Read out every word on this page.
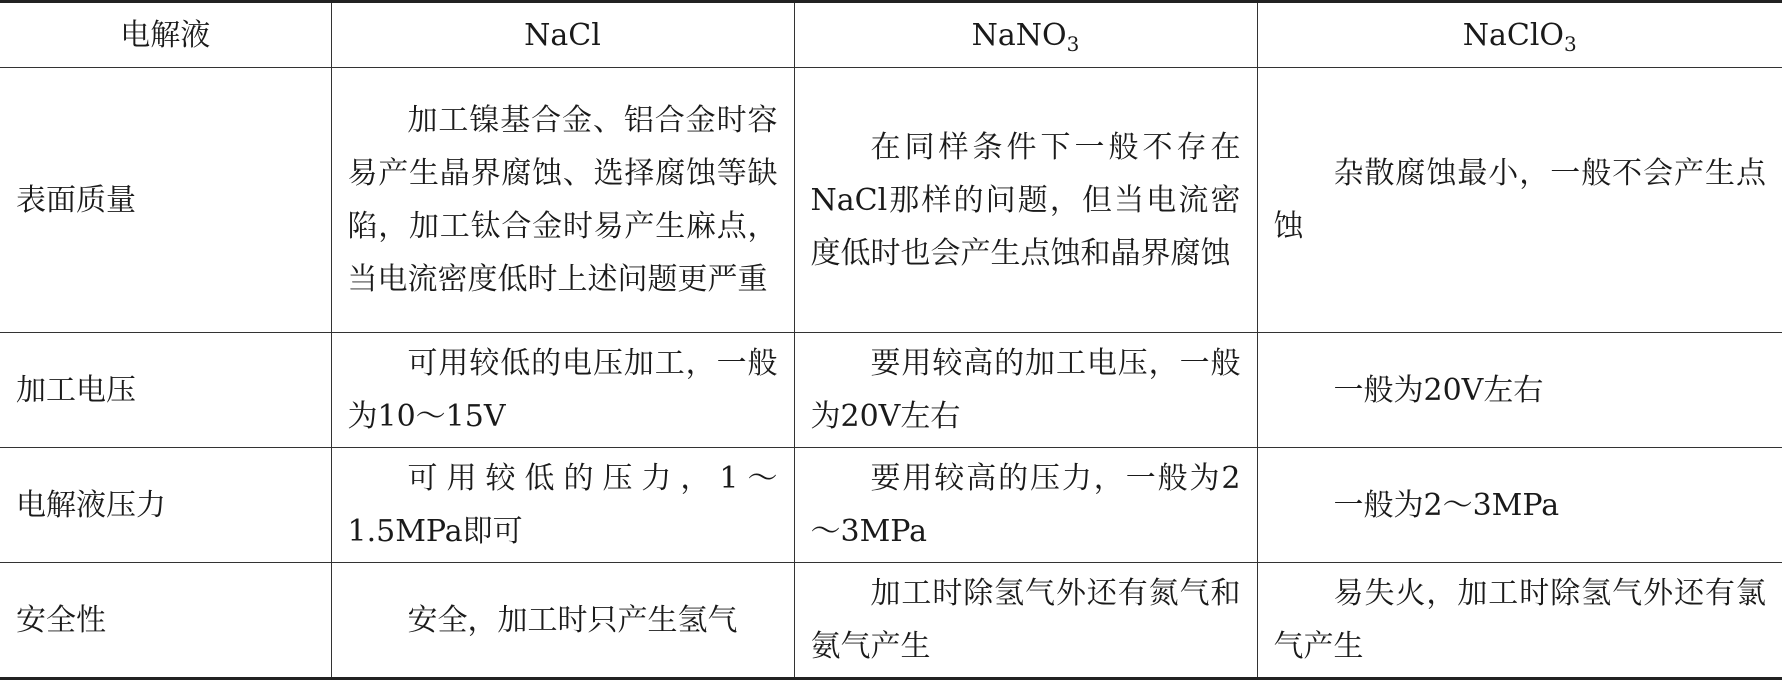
电解液	NaCl	NaNO$_3$	NaClO$_3$
表面质量	加工镍基合金、铝合金时容易产生晶界腐蚀、选择腐蚀等缺陷，加工钛合金时易产生麻点，当电流密度低时上述问题更严重	在同样条件下一般不存在NaCl那样的问题，但当电流密度低时也会产生点蚀和晶界腐蚀	杂散腐蚀最小，一般不会产生点蚀
加工电压	可用较低的电压加工，一般为10～15V	要用较高的加工电压，一般为20V左右	一般为20V左右
电解液压力	可用较低的压力，1～1.5MPa即可	要用较高的压力，一般为2～3MPa	一般为2～3MPa
安全性	安全，加工时只产生氢气	加工时除氢气外还有氮气和氨气产生	易失火，加工时除氢气外还有氯气产生
